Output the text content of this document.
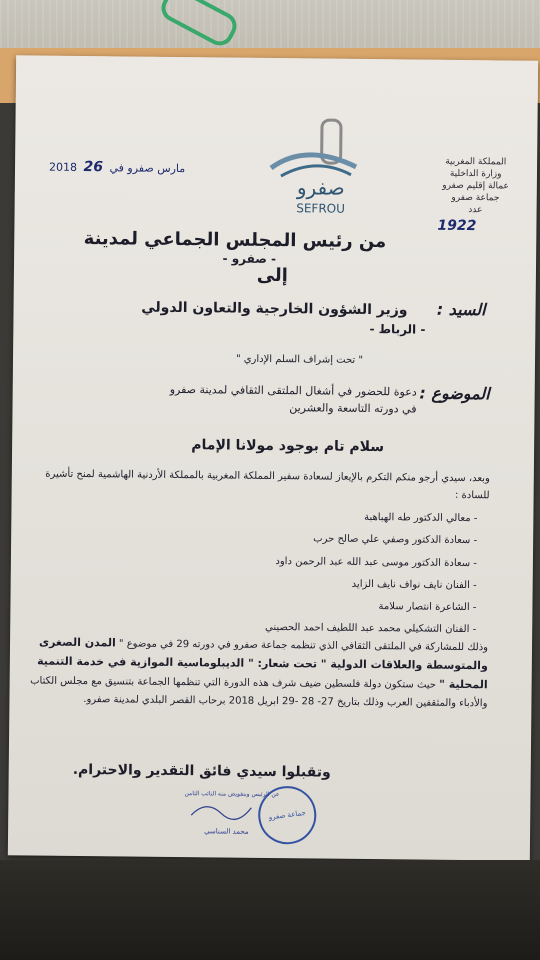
2018 26	مارس صفرو في
صفرو
SEFROU
المملكة المغربية
وزارة الداخلية
عمالة إقليم صفرو
جماعة صفرو
عدد
1922
من رئيس المجلس الجماعي لمدينة
- صفرو -
إلى
السيد :
وزير الشؤون الخارجية والتعاون الدولي
- الرباط -
" تحت إشراف السلم الإداري "
الموضوع :
دعوة للحضور في أشغال الملتقى الثقافي لمدينة صفرو
في دورته التاسعة والعشرين
سلام تام بوجود مولانا الإمام
وبعد، سيدي أرجو منكم التكرم بالإيعاز لسعادة سفير المملكة المغربية بالمملكة الأردنية الهاشمية لمنح تأشيرة للسادة :
- معالي الدكتور طه الهباهبة
- سعادة الدكتور وصفي علي صالح حرب
- سعادة الدكتور موسى عبد الله عبد الرحمن داود
- الفنان نايف نواف نايف الزايد
- الشاعرة انتصار سلامة
- الفنان التشكيلي محمد عبد اللطيف احمد الحصيني
وذلك للمشاركة في الملتقى الثقافي الذي تنظمه جماعة صفرو في دورته 29 في موضوع " المدن الصغرى والمتوسطة والعلاقات الدولية " تحت شعار: " الديبلوماسية الموازية في خدمة التنمية المحلية " حيث ستكون دولة فلسطين ضيف شرف هذه الدورة التي تنظمها الجماعة بتنسيق مع مجلس الكتاب والأدباء والمثقفين العرب وذلك بتاريخ 27- 28 -29 ابريل 2018 برحاب القصر البلدي لمدينة صفرو.
وتقبلوا سيدي فائق التقدير والاحترام.
جماعة صفرو
عن الرئيس وبتفويض منه النائب الثامن
محمد السناسي
